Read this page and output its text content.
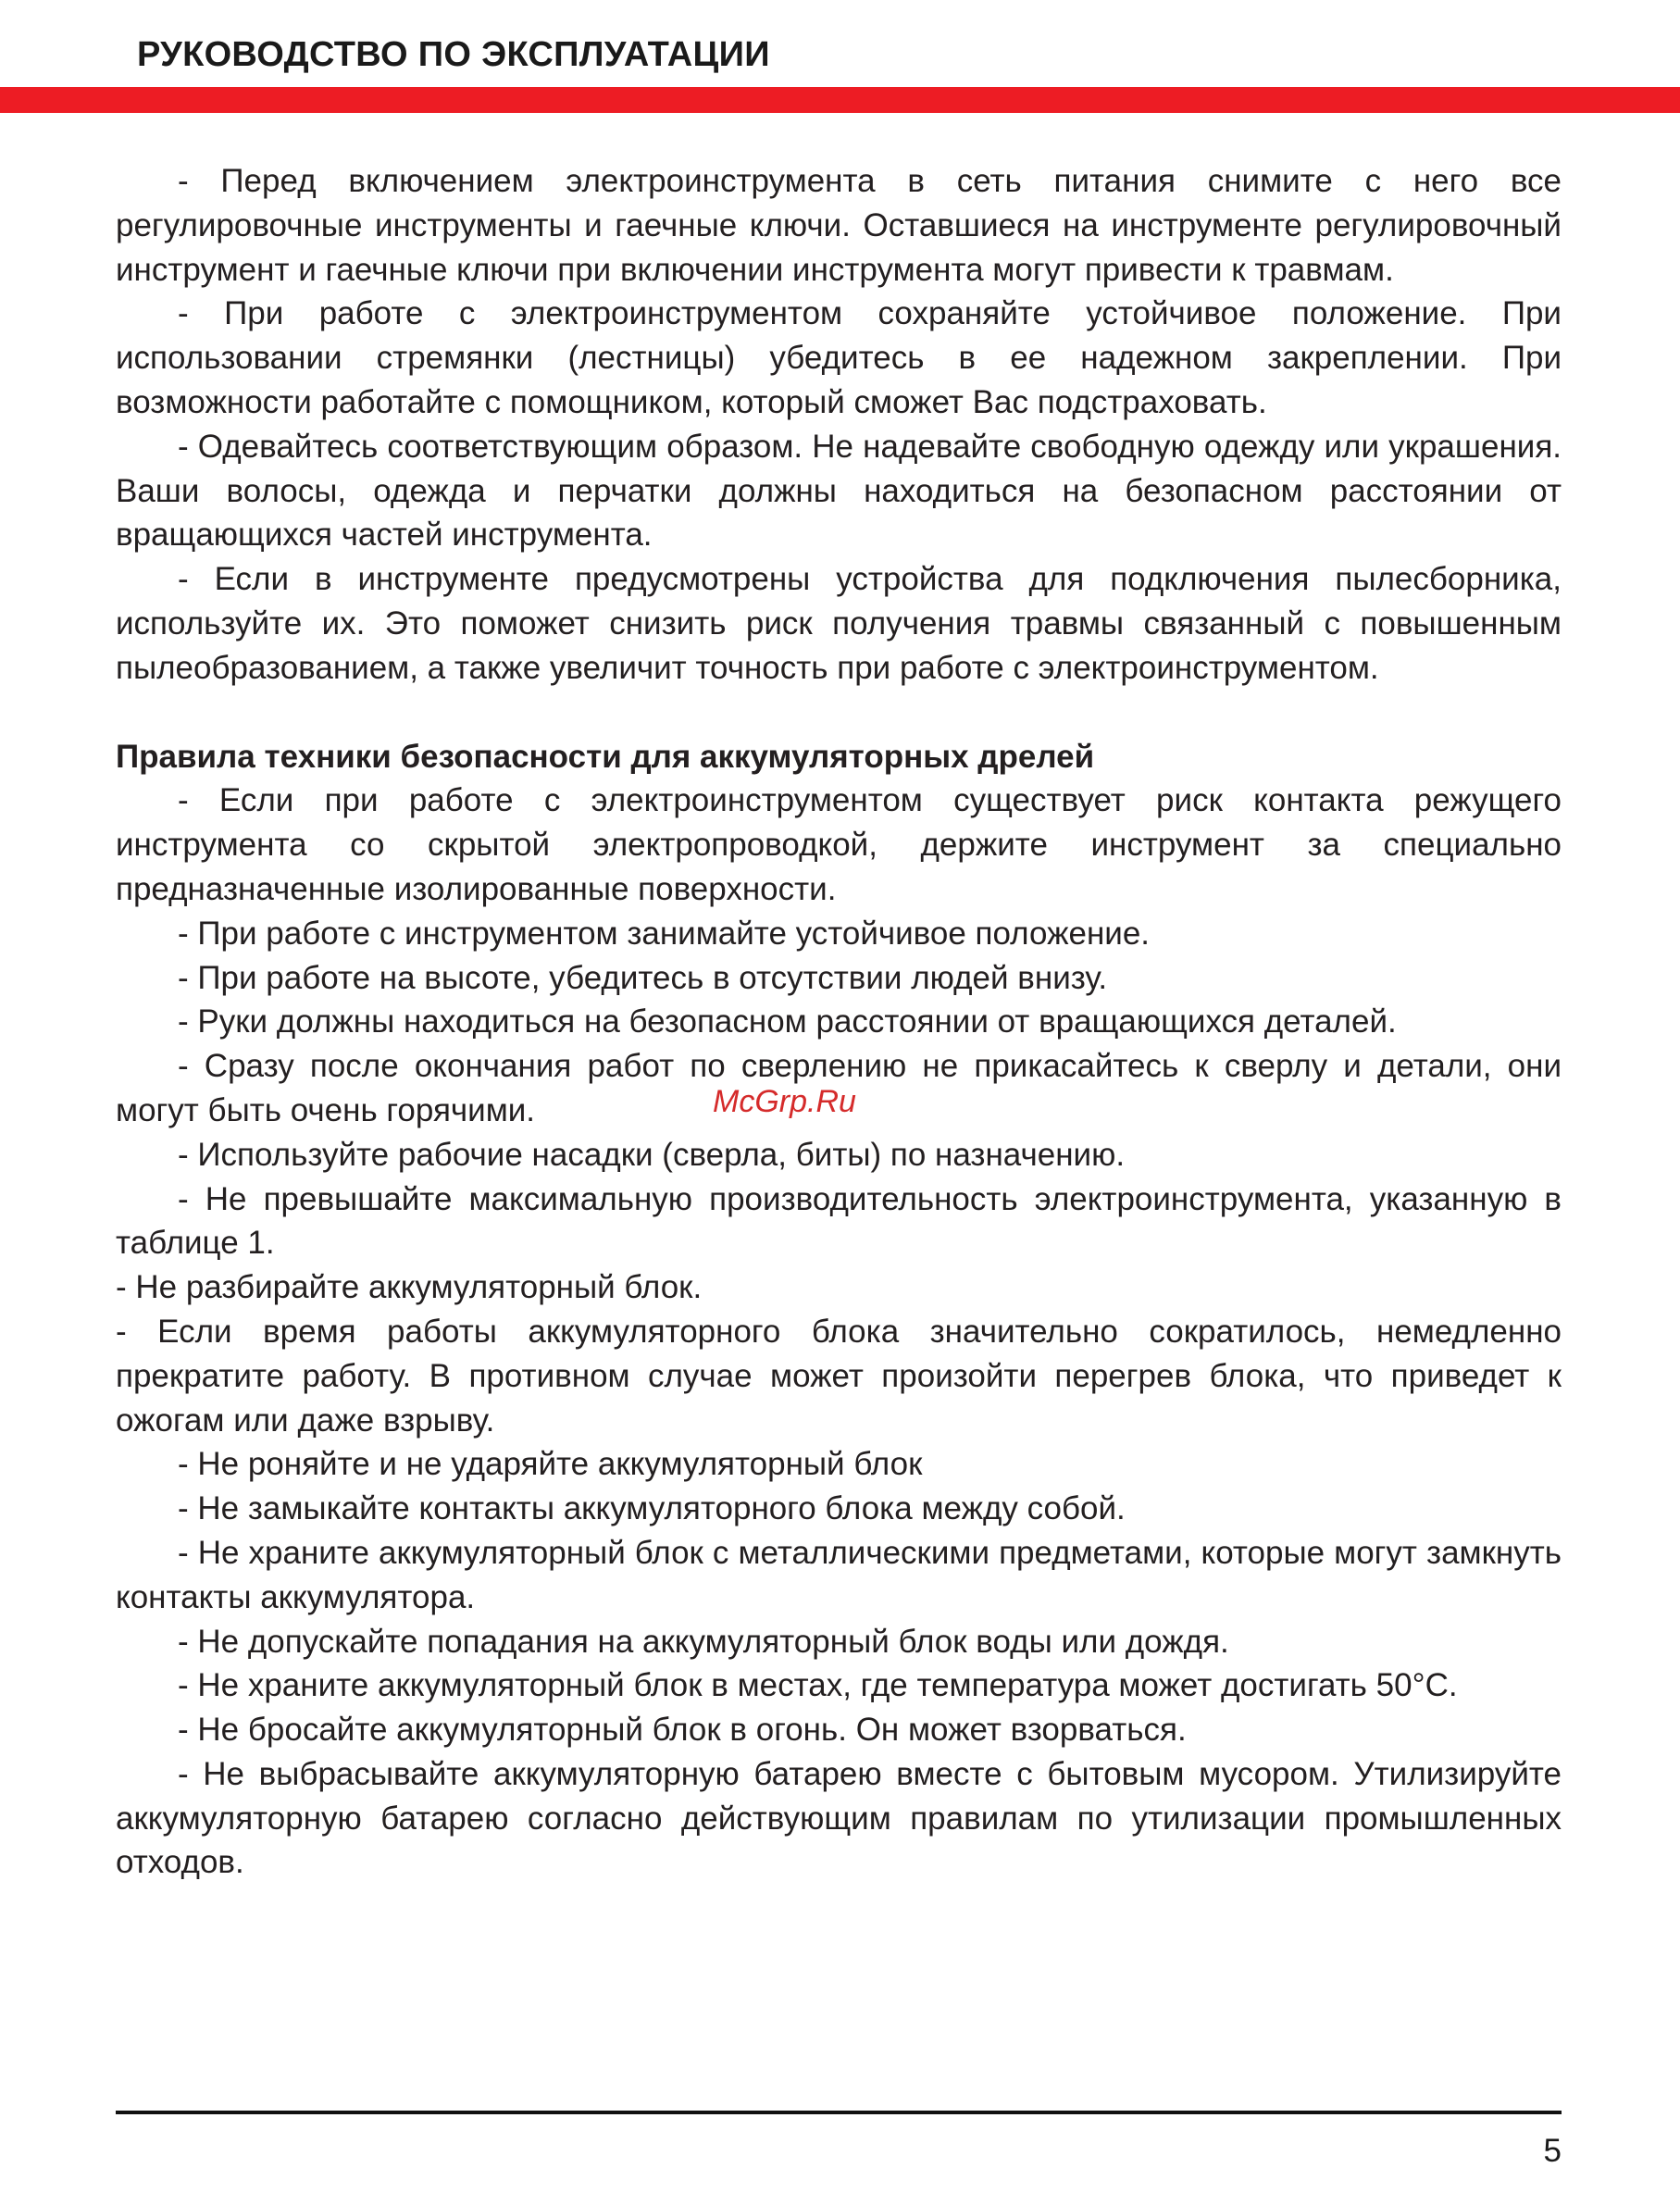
РУКОВОДСТВО ПО ЭКСПЛУАТАЦИИ

- Перед включением электроинструмента в сеть питания снимите с него все регулировочные инструменты и гаечные ключи. Оставшиеся на инструменте регулировочный инструмент и гаечные ключи при включении инструмента могут привести к травмам.

- При работе с электроинструментом сохраняйте устойчивое положение. При использовании стремянки (лестницы) убедитесь в ее надежном закреплении. При возможности работайте с помощником, который сможет Вас подстраховать.

- Одевайтесь соответствующим образом. Не надевайте свободную одежду или украшения. Ваши волосы, одежда и перчатки должны находиться на безопасном расстоянии от вращающихся частей инструмента.

- Если в инструменте предусмотрены устройства для подключения пылесборника, используйте их. Это поможет снизить риск получения травмы связанный с повышенным пылеобразованием, а также увеличит точность при работе с электроинструментом.

Правила техники безопасности для аккумуляторных дрелей

- Если при работе с электроинструментом существует риск контакта режущего инструмента со скрытой электропроводкой, держите инструмент за специально предназначенные изолированные поверхности.

- При работе с инструментом занимайте устойчивое положение.

- При работе на высоте, убедитесь в отсутствии людей внизу.

- Руки должны находиться на безопасном расстоянии от вращающихся деталей.

- Сразу после окончания работ по сверлению не прикасайтесь к сверлу и детали, они могут быть очень горячими.

- Используйте рабочие насадки (сверла, биты) по назначению.

- Не превышайте максимальную производительность электроинструмента, указанную в таблице 1.

- Не разбирайте аккумуляторный блок.

- Если время работы аккумуляторного блока значительно сократилось, немедленно прекратите работу. В противном случае может произойти перегрев блока, что приведет к ожогам или даже взрыву.

- Не роняйте и не ударяйте аккумуляторный блок

- Не замыкайте контакты аккумуляторного блока между собой.

- Не храните аккумуляторный блок с металлическими предметами, которые могут замкнуть контакты аккумулятора.

- Не допускайте попадания на аккумуляторный блок воды или дождя.

- Не храните аккумуляторный блок в местах, где температура может достигать 50°С.

- Не бросайте аккумуляторный блок в огонь. Он может взорваться.

- Не выбрасывайте аккумуляторную батарею вместе с бытовым мусором. Утилизируйте аккумуляторную батарею согласно действующим правилам по утилизации промышленных отходов.

McGrp.Ru
5
